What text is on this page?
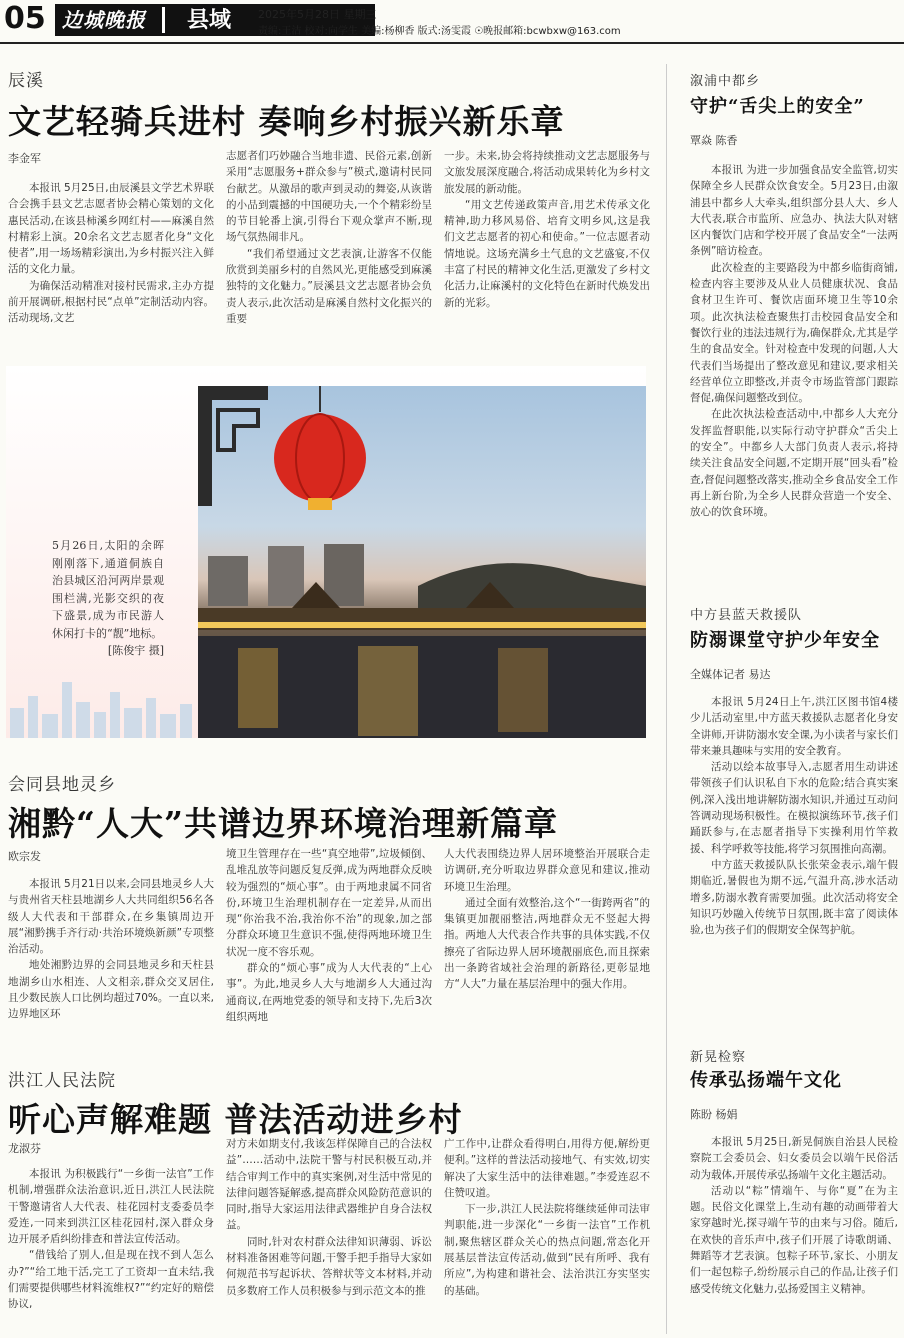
05 边城晚报	县域	2025年5月28日 星期三
责编:王洁 校对:向学生 美编:杨柳香 版式:汤雯霞 ☉晚报邮箱:bcwbxw@163.com
辰溪
文艺轻骑兵进村 奏响乡村振兴新乐章
李金军

本报讯 5月25日,由辰溪县文学艺术界联合会携手县文艺志愿者协会精心策划的文化惠民活动,在该县柿溪乡网红村——麻溪自然村精彩上演。20余名文艺志愿者化身“文化使者”,用一场场精彩演出,为乡村振兴注入鲜活的文化力量。

为确保活动精准对接村民需求,主办方提前开展调研,根据村民“点单”定制活动内容。活动现场,文艺

志愿者们巧妙融合当地非遗、民俗元素,创新采用“志愿服务+群众参与”模式,邀请村民同台献艺。从激昂的歌声到灵动的舞姿,从诙谐的小品到震撼的中国硬功夫,一个个精彩纷呈的节目轮番上演,引得台下观众掌声不断,现场气氛热闹非凡。

“我们希望通过文艺表演,让游客不仅能欣赏到美丽乡村的自然风光,更能感受到麻溪独特的文化魅力。”辰溪县文艺志愿者协会负责人表示,此次活动是麻溪自然村文化振兴的重要

一步。未来,协会将持续推动文艺志愿服务与文旅发展深度融合,将活动成果转化为乡村文旅发展的新动能。

“用文艺传递政策声音,用艺术传承文化精神,助力移风易俗、培育文明乡风,这是我们文艺志愿者的初心和使命。”一位志愿者动情地说。这场充满乡土气息的文艺盛宴,不仅丰富了村民的精神文化生活,更激发了乡村文化活力,让麻溪村的文化特色在新时代焕发出新的光彩。

5月26日,太阳的余晖刚刚落下,通道侗族自治县城区沿河两岸景观围栏满,光影交织的夜下盛景,成为市民游人休闲打卡的“靓”地标。
[陈俊宇 摄]
会同县地灵乡
湘黔“人大”共谱边界环境治理新篇章
欧宗发

本报讯 5月21日以来,会同县地灵乡人大与贵州省天柱县地湖乡人大共同组织56名各级人大代表和干部群众,在乡集镇周边开展“湘黔携手齐行动·共治环境焕新颜”专项整治活动。

地处湘黔边界的会同县地灵乡和天柱县地湖乡山水相连、人文相亲,群众交叉居住,且少数民族人口比例均超过70%。一直以来,边界地区环

境卫生管理存在一些“真空地带”,垃圾倾倒、乱堆乱放等问题反复反弹,成为两地群众反映较为强烈的“烦心事”。由于两地隶属不同省份,环境卫生治理机制存在一定差异,从而出现“你治我不治,我治你不治”的现象,加之部分群众环境卫生意识不强,使得两地环境卫生状况一度不容乐观。

群众的“烦心事”成为人大代表的“上心事”。为此,地灵乡人大与地湖乡人大通过沟通商议,在两地党委的领导和支持下,先后3次组织两地

人大代表围绕边界人居环境整治开展联合走访调研,充分听取边界群众意见和建议,推动环境卫生治理。

通过全面有效整治,这个“一街跨两省”的集镇更加靓丽整洁,两地群众无不竖起大拇指。两地人大代表合作共事的具体实践,不仅擦亮了省际边界人居环境靓丽底色,而且探索出一条跨省域社会治理的新路径,更彰显地方“人大”力量在基层治理中的强大作用。

洪江人民法院
听心声解难题 普法活动进乡村
龙淑芬

本报讯 为积极践行“一乡街一法官”工作机制,增强群众法治意识,近日,洪江人民法院干警邀请省人大代表、桂花园村支委委员李爱连,一同来到洪江区桂花园村,深入群众身边开展矛盾纠纷排查和普法宣传活动。

“借钱给了别人,但是现在找不到人怎么办?”“给工地干活,完工了工资却一直未结,我们需要提供哪些材料流维权?”“约定好的赔偿协议,

对方未如期支付,我该怎样保障自己的合法权益”……活动中,法院干警与村民积极互动,并结合审判工作中的真实案例,对生活中常见的法律问题答疑解惑,提高群众风险防范意识的同时,指导大家运用法律武器维护自身合法权益。

同时,针对农村群众法律知识薄弱、诉讼材料准备困难等问题,干警手把手指导大家如何规范书写起诉状、答辩状等文本材料,并动员多数府工作人员积极参与到示范文本的推

广工作中,让群众看得明白,用得方便,解纷更便利。”这样的普法活动接地气、有实效,切实解决了大家生活中的法律难题。”李爱连忍不住赞叹道。

下一步,洪江人民法院将继续延伸司法审判职能,进一步深化“一乡街一法官”工作机制,聚焦辖区群众关心的热点问题,常态化开展基层普法宣传活动,做到“民有所呼、我有所应”,为构建和谐社会、法治洪江夯实坚实的基础。

溆浦中都乡
守护“舌尖上的安全”
覃焱 陈香

本报讯 为进一步加强食品安全监管,切实保障全乡人民群众饮食安全。5月23日,由溆浦县中都乡人大牵头,组织部分县人大、乡人大代表,联合市监所、应急办、执法大队对辖区内餐饮门店和学校开展了食品安全“一法两条例”暗访检查。

此次检查的主要路段为中都乡临街商铺,检查内容主要涉及从业人员健康状况、食品食材卫生许可、餐饮店面环境卫生等10余项。此次执法检查聚焦打击校园食品安全和餐饮行业的违法违规行为,确保群众,尤其是学生的食品安全。针对检查中发现的问题,人大代表们当场提出了整改意见和建议,要求相关经营单位立即整改,并责令市场监管部门跟踪督促,确保问题整改到位。

在此次执法检查活动中,中都乡人大充分发挥监督职能,以实际行动守护群众“舌尖上的安全”。中都乡人大部门负责人表示,将持续关注食品安全问题,不定期开展“回头看”检查,督促问题整改落实,推动全乡食品安全工作再上新台阶,为全乡人民群众营造一个安全、放心的饮食环境。

中方县蓝天救援队
防溺课堂守护少年安全
全媒体记者 易达

本报讯 5月24日上午,洪江区图书馆4楼少儿活动室里,中方蓝天救援队志愿者化身安全讲师,开讲防溺水安全课,为小读者与家长们带来兼具趣味与实用的安全教育。

活动以绘本故事导入,志愿者用生动讲述带领孩子们认识私自下水的危险;结合真实案例,深入浅出地讲解防溺水知识,并通过互动问答调动现场积极性。在模拟演练环节,孩子们踊跃参与,在志愿者指导下实操利用竹竿救援、科学呼救等技能,将学习氛围推向高潮。

中方蓝天救援队队长张荣金表示,端午假期临近,暑假也为期不远,气温升高,涉水活动增多,防溺水教育需要加强。此次活动将安全知识巧妙融入传统节日氛围,既丰富了阅读体验,也为孩子们的假期安全保驾护航。

新晃检察
传承弘扬端午文化
陈盼 杨娟

本报讯 5月25日,新晃侗族自治县人民检察院工会委员会、妇女委员会以端午民俗活动为载体,开展传承弘扬端午文化主题活动。

活动以“粽”情端午、与你“夏”在为主题。民俗文化课堂上,生动有趣的动画带着大家穿越时光,探寻端午节的由来与习俗。随后,在欢快的音乐声中,孩子们开展了诗歌朗诵、舞蹈等才艺表演。包粽子环节,家长、小朋友们一起包粽子,纷纷展示自己的作品,让孩子们感受传统文化魅力,弘扬爱国主义精神。
